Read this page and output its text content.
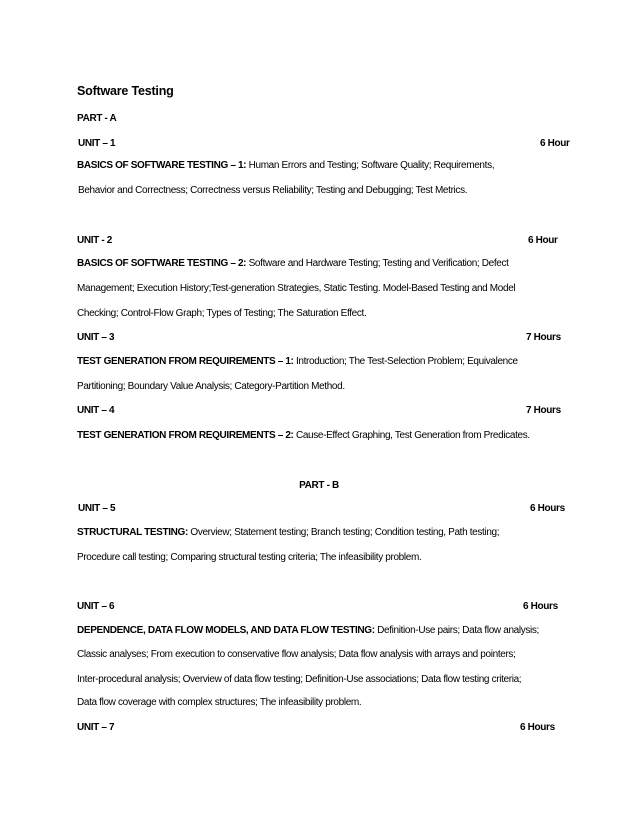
Software Testing
PART - A
UNIT – 1	6 Hour
BASICS OF SOFTWARE TESTING – 1: Human Errors and Testing; Software Quality; Requirements,
Behavior and Correctness; Correctness versus Reliability; Testing and Debugging; Test Metrics.
UNIT - 2	6 Hour
BASICS OF SOFTWARE TESTING – 2: Software and Hardware Testing; Testing and Verification; Defect
Management; Execution History;Test-generation Strategies, Static Testing. Model-Based Testing and Model
Checking; Control-Flow Graph; Types of Testing; The Saturation Effect.
UNIT – 3	7 Hours
TEST GENERATION FROM REQUIREMENTS – 1: Introduction; The Test-Selection Problem; Equivalence
Partitioning; Boundary Value Analysis; Category-Partition Method.
UNIT – 4	7 Hours
TEST GENERATION FROM REQUIREMENTS – 2: Cause-Effect Graphing, Test Generation from Predicates.
PART - B
UNIT – 5	6 Hours
STRUCTURAL TESTING: Overview; Statement testing; Branch testing; Condition testing, Path testing;
Procedure call testing; Comparing structural testing criteria; The infeasibility problem.
UNIT – 6	6 Hours
DEPENDENCE, DATA FLOW MODELS, AND DATA FLOW TESTING: Definition-Use pairs; Data flow analysis;
Classic analyses; From execution to conservative flow analysis; Data flow analysis with arrays and pointers;
Inter-procedural analysis; Overview of data flow testing; Definition-Use associations; Data flow testing criteria;
Data flow coverage with complex structures; The infeasibility problem.
UNIT – 7	6 Hours
